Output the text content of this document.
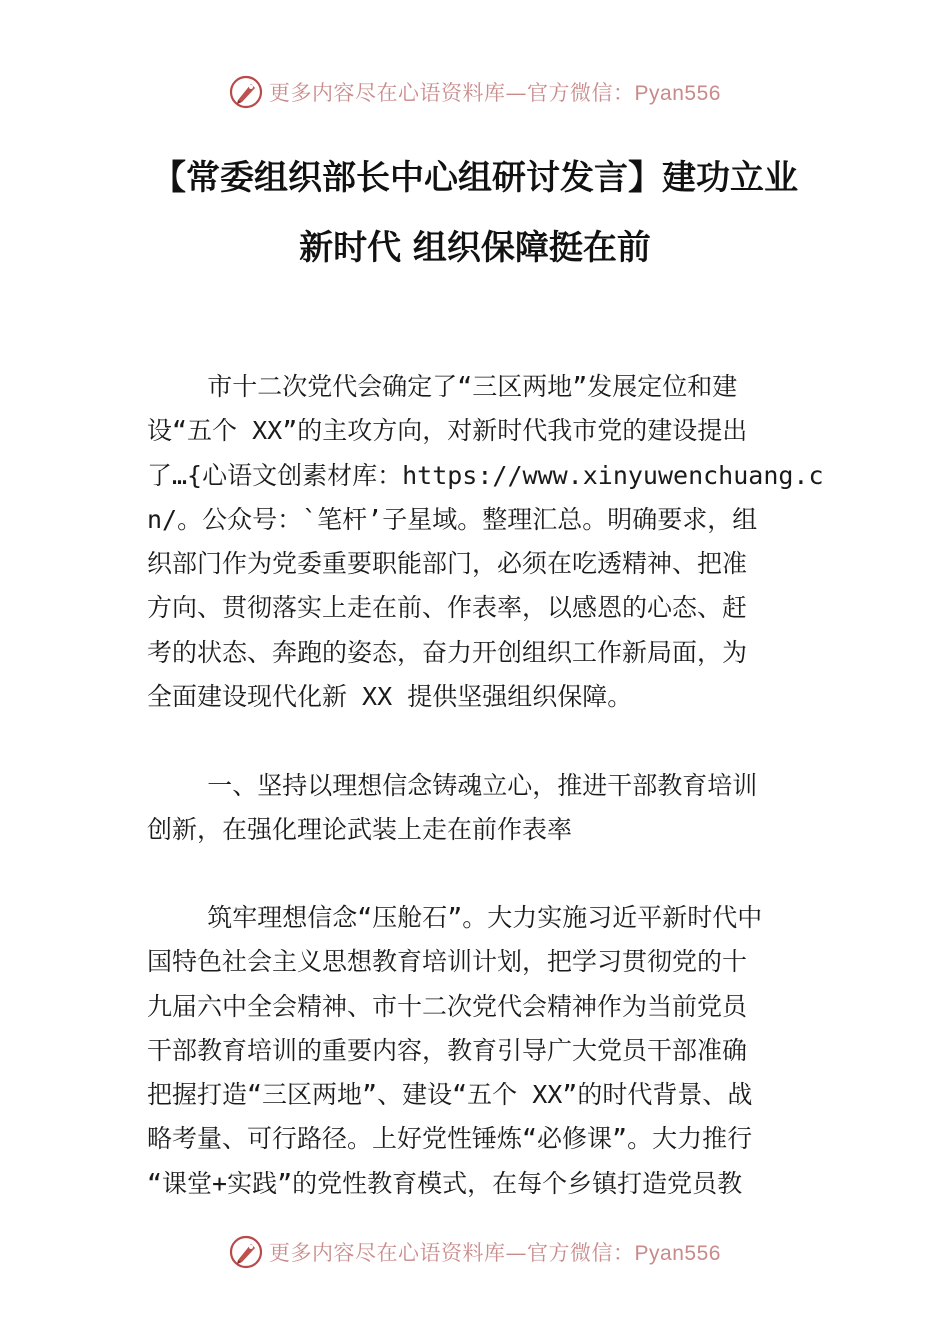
更多内容尽在心语资料库—官方微信：Pyan556
【常委组织部长中心组研讨发言】建功立业
新时代 组织保障挺在前
市十二次党代会确定了“三区两地”发展定位和建
设“五个 XX”的主攻方向，对新时代我市党的建设提出
了…{心语文创素材库：https://www.xinyuwenchuang.c
n/。公众号：`笔杆’子星域。整理汇总。明确要求，组
织部门作为党委重要职能部门，必须在吃透精神、把准
方向、贯彻落实上走在前、作表率，以感恩的心态、赶
考的状态、奔跑的姿态，奋力开创组织工作新局面，为
全面建设现代化新 XX 提供坚强组织保障。
一、坚持以理想信念铸魂立心，推进干部教育培训
创新，在强化理论武装上走在前作表率
筑牢理想信念“压舱石”。大力实施习近平新时代中
国特色社会主义思想教育培训计划，把学习贯彻党的十
九届六中全会精神、市十二次党代会精神作为当前党员
干部教育培训的重要内容，教育引导广大党员干部准确
把握打造“三区两地”、建设“五个 XX”的时代背景、战
略考量、可行路径。上好党性锤炼“必修课”。大力推行
“课堂+实践”的党性教育模式，在每个乡镇打造党员教
更多内容尽在心语资料库—官方微信：Pyan556
